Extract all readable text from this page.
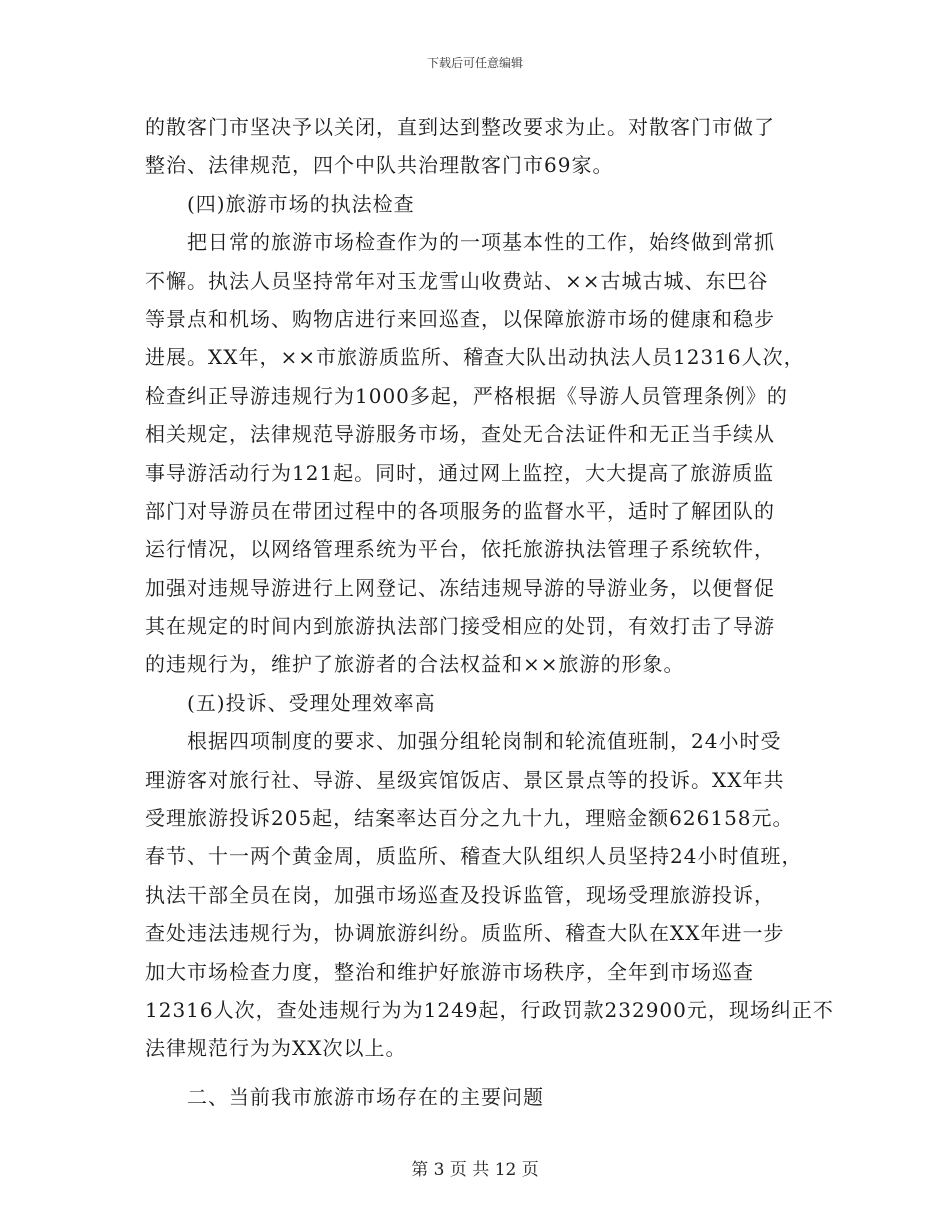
下载后可任意编辑
的散客门市坚决予以关闭，直到达到整改要求为止。对散客门市做了
整治、法律规范，四个中队共治理散客门市69家。
(四)旅游市场的执法检查
把日常的旅游市场检查作为的一项基本性的工作，始终做到常抓
不懈。执法人员坚持常年对玉龙雪山收费站、××古城古城、东巴谷
等景点和机场、购物店进行来回巡查，以保障旅游市场的健康和稳步
进展。XX年，××市旅游质监所、稽查大队出动执法人员12316人次，
检查纠正导游违规行为1000多起，严格根据《导游人员管理条例》的
相关规定，法律规范导游服务市场，查处无合法证件和无正当手续从
事导游活动行为121起。同时，通过网上监控，大大提高了旅游质监
部门对导游员在带团过程中的各项服务的监督水平，适时了解团队的
运行情况，以网络管理系统为平台，依托旅游执法管理子系统软件，
加强对违规导游进行上网登记、冻结违规导游的导游业务，以便督促
其在规定的时间内到旅游执法部门接受相应的处罚，有效打击了导游
的违规行为，维护了旅游者的合法权益和××旅游的形象。
(五)投诉、受理处理效率高
根据四项制度的要求、加强分组轮岗制和轮流值班制，24小时受
理游客对旅行社、导游、星级宾馆饭店、景区景点等的投诉。XX年共
受理旅游投诉205起，结案率达百分之九十九，理赔金额626158元。
春节、十一两个黄金周，质监所、稽查大队组织人员坚持24小时值班，
执法干部全员在岗，加强市场巡查及投诉监管，现场受理旅游投诉，
查处违法违规行为，协调旅游纠纷。质监所、稽查大队在XX年进一步
加大市场检查力度，整治和维护好旅游市场秩序，全年到市场巡查
12316人次，查处违规行为为1249起，行政罚款232900元，现场纠正不
法律规范行为为XX次以上。
二、当前我市旅游市场存在的主要问题
第 3 页 共 12 页
